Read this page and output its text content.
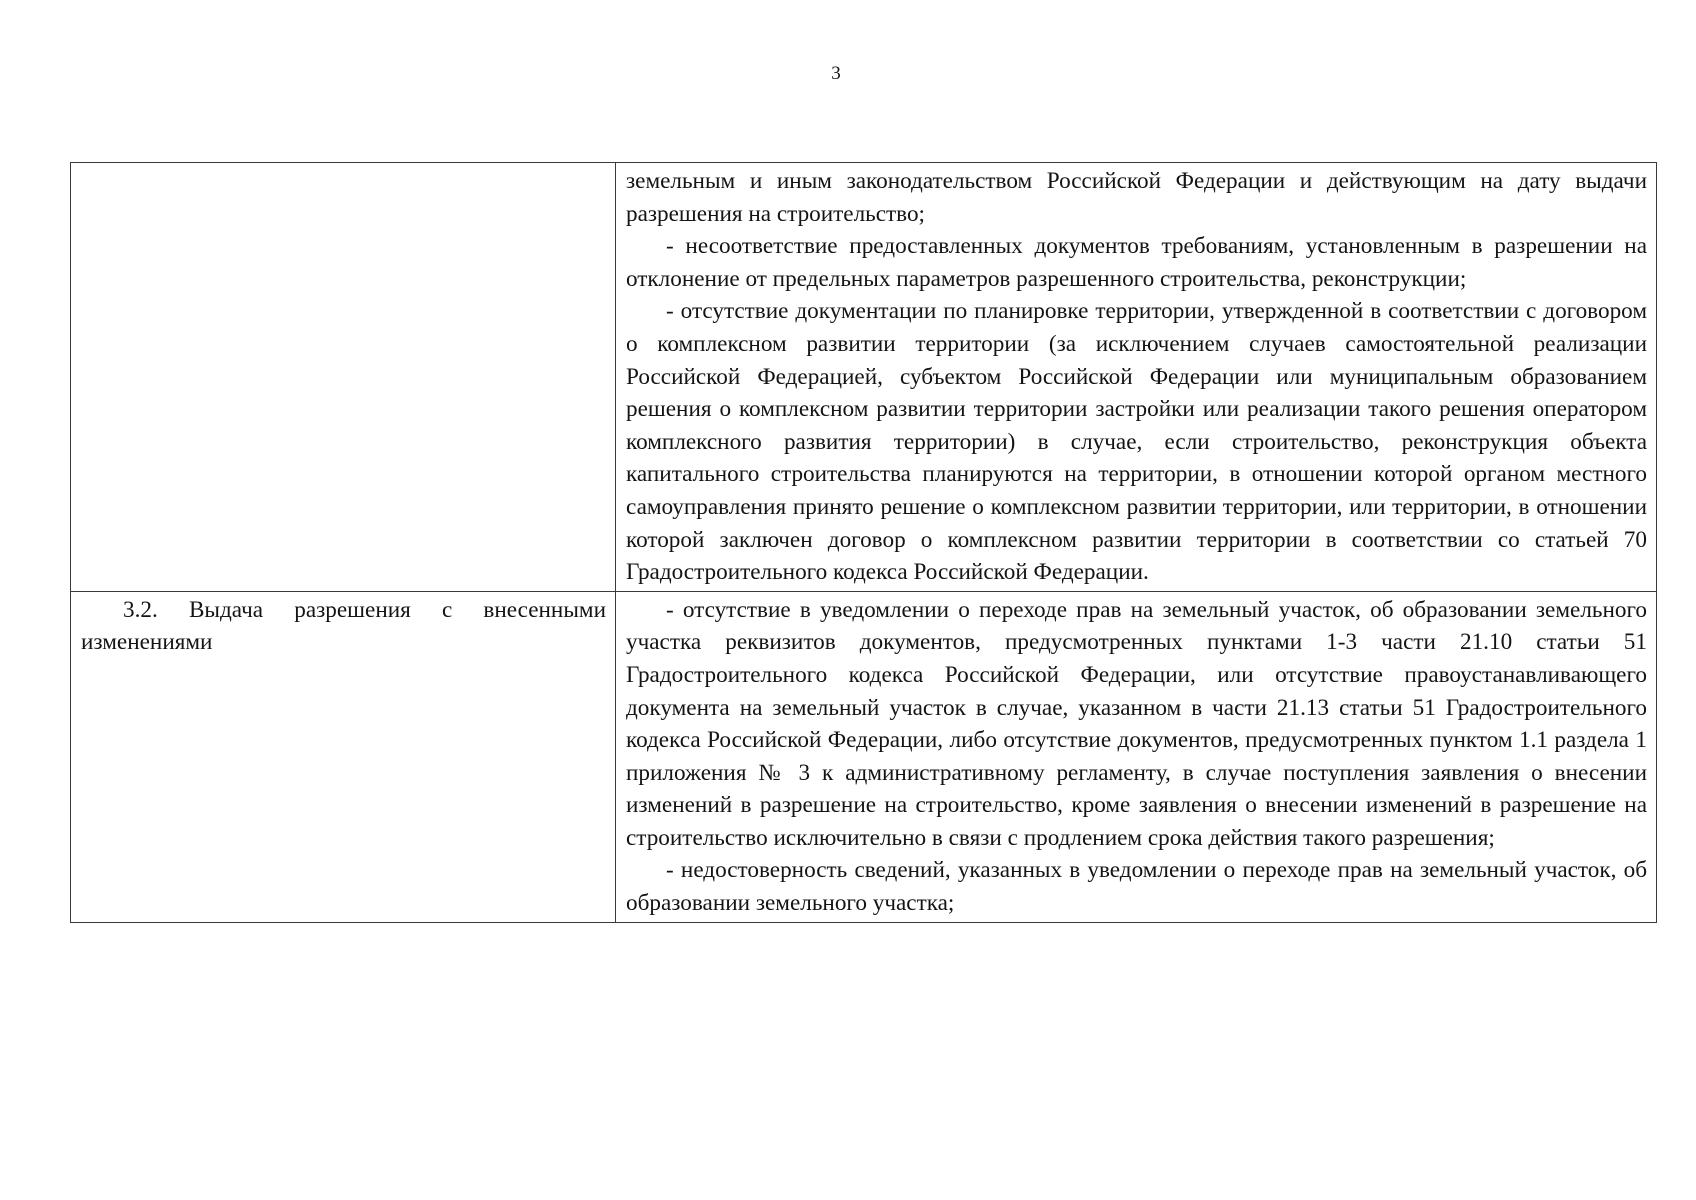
3

	земельным и иным законодательством Российской Федерации и действующим на дату выдачи разрешения на строительство;

- несоответствие предоставленных документов требованиям, установленным в разрешении на отклонение от предельных параметров разрешенного строительства, реконструкции;

- отсутствие документации по планировке территории, утвержденной в соответствии с договором о комплексном развитии территории (за исключением случаев самостоятельной реализации Российской Федерацией, субъектом Российской Федерации или муниципальным образованием решения о комплексном развитии территории застройки или реализации такого решения оператором комплексного развития территории) в случае, если строительство, реконструкция объекта капитального строительства планируются на территории, в отношении которой органом местного самоуправления принято решение о комплексном развитии территории, или территории, в отношении которой заключен договор о комплексном развитии территории в соответствии со статьей 70 Градостроительного кодекса Российской Федерации.

3.2. Выдача разрешения с внесенными изменениями	- отсутствие в уведомлении о переходе прав на земельный участок, об образовании земельного участка реквизитов документов, предусмотренных пунктами 1-3 части 21.10 статьи 51 Градостроительного кодекса Российской Федерации, или отсутствие правоустанавливающего документа на земельный участок в случае, указанном в части 21.13 статьи 51 Градостроительного кодекса Российской Федерации, либо отсутствие документов, предусмотренных пунктом 1.1 раздела 1 приложения № 3 к административному регламенту, в случае поступления заявления о внесении изменений в разрешение на строительство, кроме заявления о внесении изменений в разрешение на строительство исключительно в связи с продлением срока действия такого разрешения;

- недостоверность сведений, указанных в уведомлении о переходе прав на земельный участок, об образовании земельного участка;
